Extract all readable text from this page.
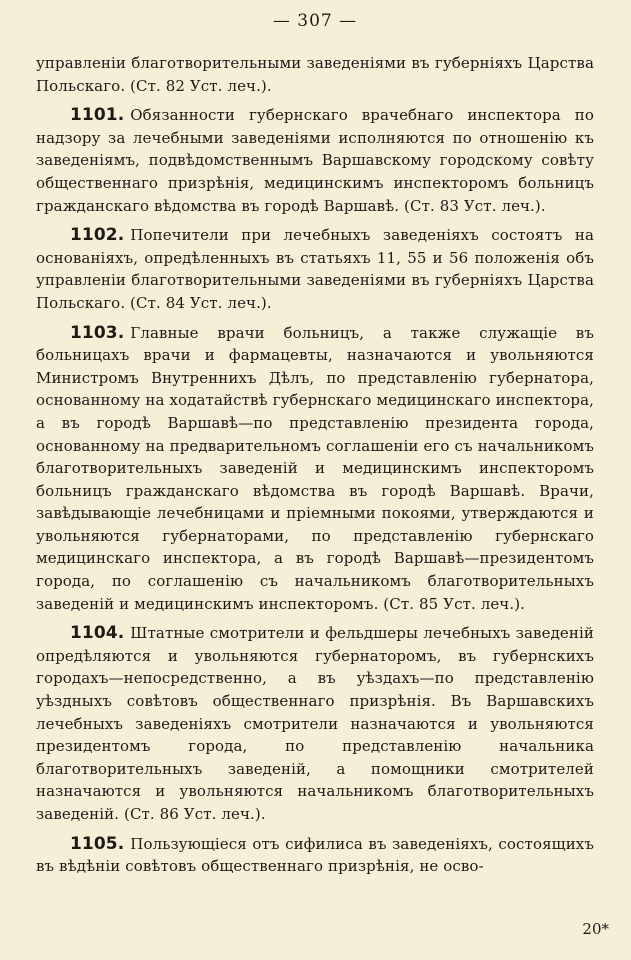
— 307 —

управленіи благотворительными заведеніями въ губерніяхъ Царства Польскаго. (Ст. 82 Уст. леч.).

1101. Обязанности губернскаго врачебнаго инспектора по надзору за лечебными заведеніями исполняются по отношенію къ заведеніямъ, подвѣдомственнымъ Варшавскому городскому совѣту общественнаго призрѣнія, медицинскимъ инспекторомъ больницъ гражданскаго вѣдомства въ городѣ Варшавѣ. (Ст. 83 Уст. леч.).

1102. Попечители при лечебныхъ заведеніяхъ состоятъ на основаніяхъ, опредѣленныхъ въ статьяхъ 11, 55 и 56 положенія объ управленіи благотворительными заведеніями въ губерніяхъ Царства Польскаго. (Ст. 84 Уст. леч.).

1103. Главные врачи больницъ, а также служащіе въ больницахъ врачи и фармацевты, назначаются и увольняются Министромъ Внутреннихъ Дѣлъ, по представленію губернатора, основанному на ходатайствѣ губернскаго медицинскаго инспектора, а въ городѣ Варшавѣ—по представленію президента города, основанному на предварительномъ соглашеніи его съ начальникомъ благотворительныхъ заведеній и медицинскимъ инспекторомъ больницъ гражданскаго вѣдомства въ городѣ Варшавѣ. Врачи, завѣдывающіе лечебницами и пріемными покоями, утверждаются и увольняются губернаторами, по представленію губернскаго медицинскаго инспектора, а въ городѣ Варшавѣ—президентомъ города, по соглашенію съ начальникомъ благотворительныхъ заведеній и медицинскимъ инспекторомъ. (Ст. 85 Уст. леч.).

1104. Штатные смотрители и фельдшеры лечебныхъ заведеній опредѣляются и увольняются губернаторомъ, въ губернскихъ городахъ—непосредственно, а въ уѣздахъ—по представленію уѣздныхъ совѣтовъ общественнаго призрѣнія. Въ Варшавскихъ лечебныхъ заведеніяхъ смотрители назначаются и увольняются президентомъ города, по представленію начальника благотворительныхъ заведеній, а помощники смотрителей назначаются и увольняются начальникомъ благотворительныхъ заведеній. (Ст. 86 Уст. леч.).

1105. Пользующіеся отъ сифилиса въ заведеніяхъ, состоящихъ въ вѣдѣніи совѣтовъ общественнаго призрѣнія, не осво-

20*
